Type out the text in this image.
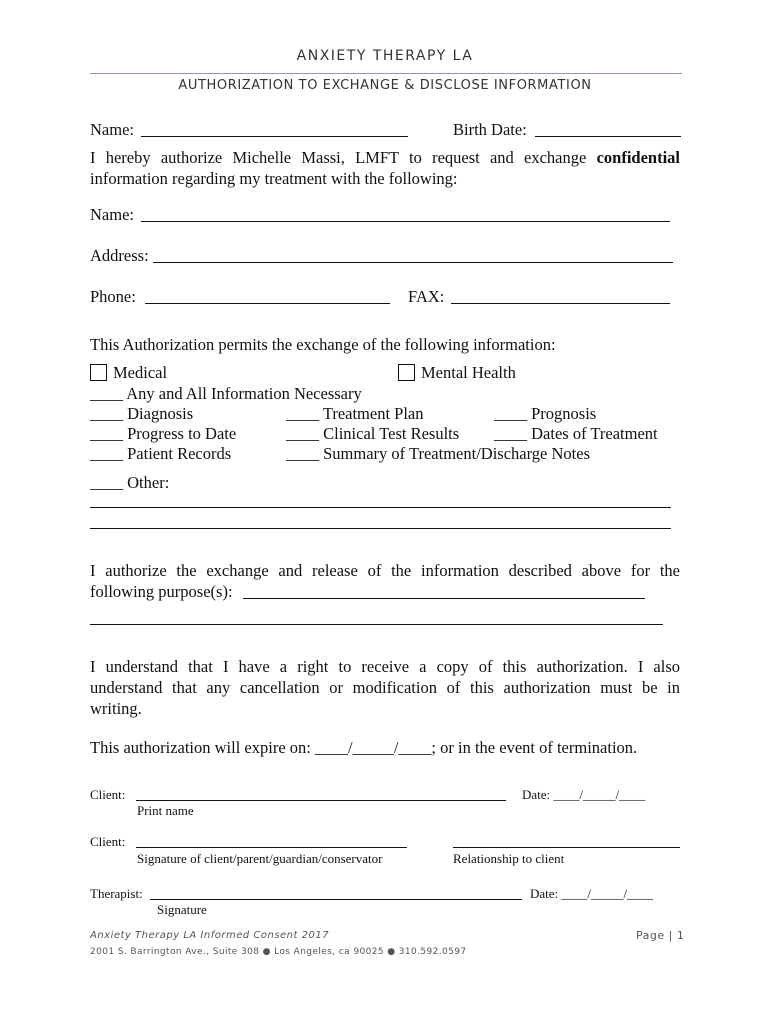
ANXIETY THERAPY LA
AUTHORIZATION TO EXCHANGE & DISCLOSE INFORMATION
Name:	Birth Date:
I hereby authorize Michelle Massi, LMFT to request and exchange confidential
information regarding my treatment with the following:
Name:
Address:
Phone:	FAX:
This Authorization permits the exchange of the following information:
Medical	Mental Health
____ Any and All Information Necessary
____ Diagnosis	____ Treatment Plan	____ Prognosis
____ Progress to Date	____ Clinical Test Results ____ Dates of Treatment
____ Patient Records	____ Summary of Treatment/Discharge Notes
____ Other:
I authorize the exchange and release of the information described above for the
following purpose(s):
I understand that I have a right to receive a copy of this authorization. I also
understand that any cancellation or modification of this authorization must be in
writing.
This authorization will expire on: ____/_____/____; or in the event of termination.
Client:	Date: ____/_____/____
Print name
Client:
Signature of client/parent/guardian/conservator	Relationship to client
Therapist:	Date: ____/_____/____
Signature
Anxiety Therapy LA Informed Consent 2017	Page | 1
2001 S. Barrington Ave., Suite 308 ● Los Angeles, ca 90025 ● 310.592.0597
